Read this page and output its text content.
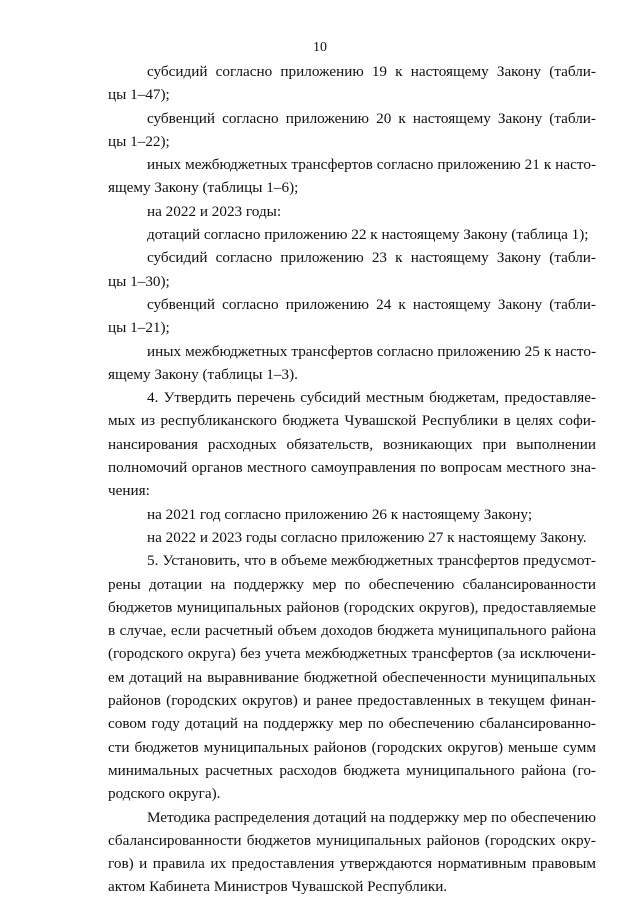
10
субсидий согласно приложению 19 к настоящему Закону (табли-
цы 1–47);
субвенций согласно приложению 20 к настоящему Закону (табли-
цы 1–22);
иных межбюджетных трансфертов согласно приложению 21 к насто-
ящему Закону (таблицы 1–6);
на 2022 и 2023 годы:
дотаций согласно приложению 22 к настоящему Закону (таблица 1);
субсидий согласно приложению 23 к настоящему Закону (табли-
цы 1–30);
субвенций согласно приложению 24 к настоящему Закону (табли-
цы 1–21);
иных межбюджетных трансфертов согласно приложению 25 к насто-
ящему Закону (таблицы 1–3).
4. Утвердить перечень субсидий местным бюджетам, предоставляе-
мых из республиканского бюджета Чувашской Республики в целях софи-
нансирования расходных обязательств, возникающих при выполнении
полномочий органов местного самоуправления по вопросам местного зна-
чения:
на 2021 год согласно приложению 26 к настоящему Закону;
на 2022 и 2023 годы согласно приложению 27 к настоящему Закону.
5. Установить, что в объеме межбюджетных трансфертов предусмот-
рены дотации на поддержку мер по обеспечению сбалансированности
бюджетов муниципальных районов (городских округов), предоставляемые
в случае, если расчетный объем доходов бюджета муниципального района
(городского округа) без учета межбюджетных трансфертов (за исключени-
ем дотаций на выравнивание бюджетной обеспеченности муниципальных
районов (городских округов) и ранее предоставленных в текущем финан-
совом году дотаций на поддержку мер по обеспечению сбалансированно-
сти бюджетов муниципальных районов (городских округов) меньше сумм
минимальных расчетных расходов бюджета муниципального района (го-
родского округа).
Методика распределения дотаций на поддержку мер по обеспечению
сбалансированности бюджетов муниципальных районов (городских окру-
гов) и правила их предоставления утверждаются нормативным правовым
актом Кабинета Министров Чувашской Республики.
